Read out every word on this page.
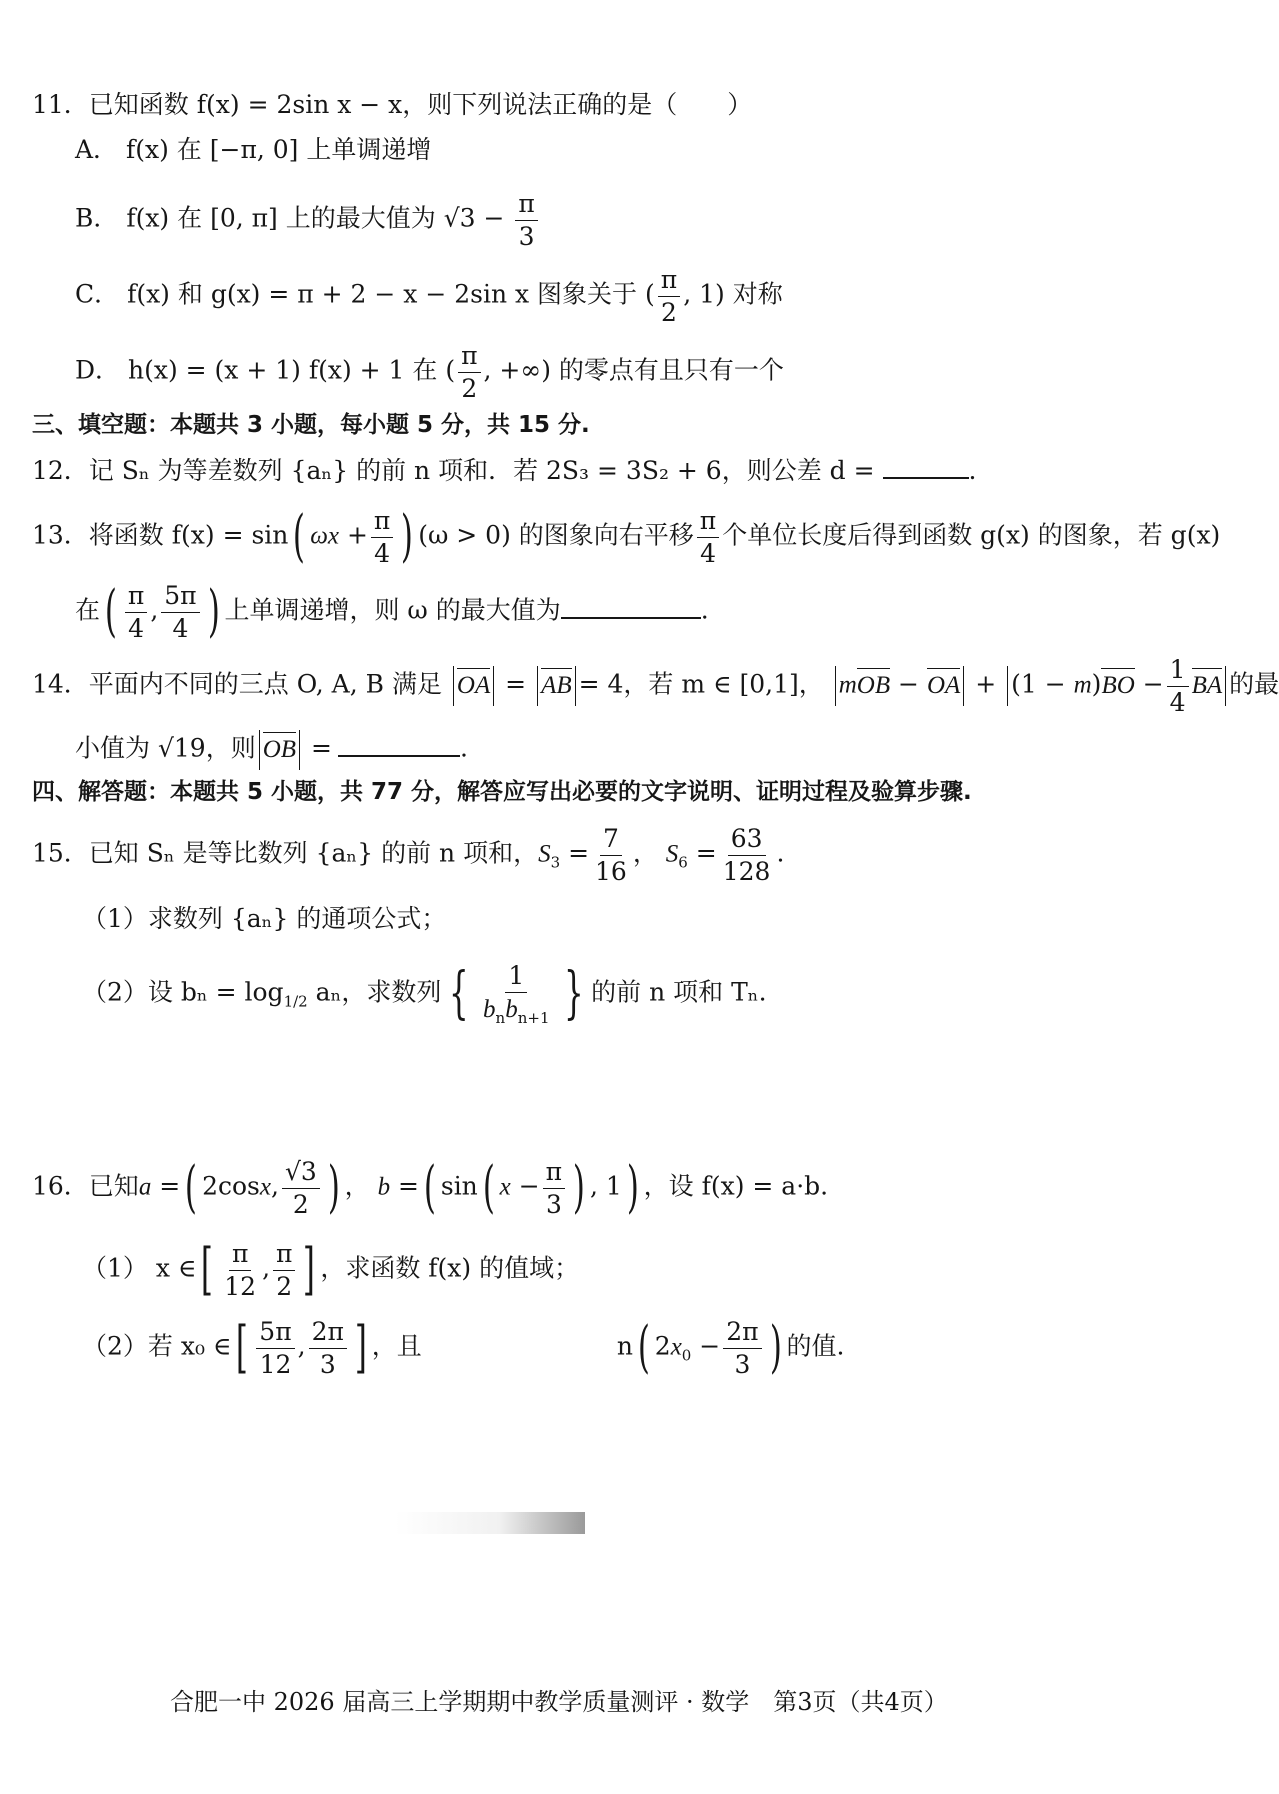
11．已知函数 f(x) = 2sin x − x，则下列说法正确的是（　　）
A． f(x) 在 [−π, 0] 上单调递增
B． f(x) 在 [0, π] 上的最大值为 $√3 - \frac{\pi}{3}$
C． f(x) 和 g(x) = π + 2 − x − 2sin x 图象关于 ( $\frac{\pi}{2}$ , 1) 对称
D． h(x) = (x + 1) f(x) + 1 在 ( $\frac{\pi}{2}$ , +∞) 的零点有且只有一个
三、填空题：本题共 3 小题，每小题 5 分，共 15 分.
12．记 Sₙ 为等差数列 {aₙ} 的前 n 项和．若 2S₃ = 3S₂ + 6，则公差 d =	.
13．将函数 f(x) = sin( $\omega x + \frac{\pi}{4}$ ) (ω > 0) 的图象向右平移 $\frac{\pi}{4}$ 个单位长度后得到函数 g(x) 的图象，若 g(x)
在( $\frac{\pi}{4}$ , $\frac{5\pi}{4}$ ) 上单调递增，则 ω 的最大值为	.
14．平面内不同的三点 O, A, B 满足 OA = AB = 4，若 m ∈ [0,1]， mOB − OA + $(1 - m)BO - \frac{1}{4}$ BA 的最
小值为 √19，则 OB =	.
四、解答题：本题共 5 小题，共 77 分，解答应写出必要的文字说明、证明过程及验算步骤.
15．已知 Sₙ 是等比数列 {aₙ} 的前 n 项和，$S_3 = \frac{7}{16}$ ， $S_6 = \frac{63}{128}$ .
（1）求数列 {aₙ} 的通项公式；
（2）设 $b_n = \log_{1/2} a_n$，求数列 { $\frac{1}{b_nb_{n+1}}$ } 的前 n 项和 Tₙ.
16．已知a =( 2cosx, $\frac{√3}{2}$ ) ， b =( sin( $x - \frac{\pi}{3}$ ) , 1) ，设 f(x) = a·b.
（1） x ∈[ $\frac{\pi}{12}$ , $\frac{\pi}{2}$ ] ，求函数 f(x) 的值域；
（2）若 x₀ ∈[ $\frac{5\pi}{12}$ , $\frac{2\pi}{3}$ ] ，且	n( $2x_0 - \frac{2\pi}{3}$ ) 的值.
合肥一中 2026 届高三上学期期中教学质量测评 · 数学　第3页（共4页）
